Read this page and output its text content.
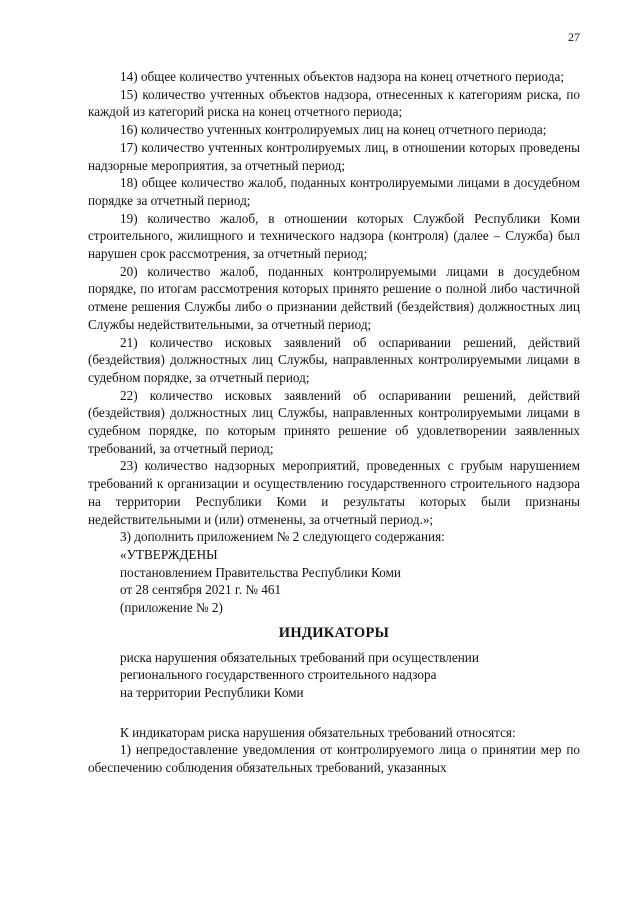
27

14) общее количество учтенных объектов надзора на конец отчетного периода;

15) количество учтенных объектов надзора, отнесенных к категориям риска, по каждой из категорий риска на конец отчетного периода;

16) количество учтенных контролируемых лиц на конец отчетного периода;

17) количество учтенных контролируемых лиц, в отношении которых проведены надзорные мероприятия, за отчетный период;

18) общее количество жалоб, поданных контролируемыми лицами в досудебном порядке за отчетный период;

19) количество жалоб, в отношении которых Службой Республики Коми строительного, жилищного и технического надзора (контроля) (далее – Служба) был нарушен срок рассмотрения, за отчетный период;

20) количество жалоб, поданных контролируемыми лицами в досудебном порядке, по итогам рассмотрения которых принято решение о полной либо частичной отмене решения Службы либо о признании действий (бездействия) должностных лиц Службы недействительными, за отчетный период;

21) количество исковых заявлений об оспаривании решений, действий (бездействия) должностных лиц Службы, направленных контролируемыми лицами в судебном порядке, за отчетный период;

22) количество исковых заявлений об оспаривании решений, действий (бездействия) должностных лиц Службы, направленных контролируемыми лицами в судебном порядке, по которым принято решение об удовлетворении заявленных требований, за отчетный период;

23) количество надзорных мероприятий, проведенных с грубым нарушением требований к организации и осуществлению государственного строительного надзора на территории Республики Коми и результаты которых были признаны недействительными и (или) отменены, за отчетный период.»;

3) дополнить приложением № 2 следующего содержания:

«УТВЕРЖДЕНЫ

постановлением Правительства Республики Коми

от 28 сентября 2021 г. № 461

(приложение № 2)

ИНДИКАТОРЫ

риска нарушения обязательных требований при осуществлении

регионального государственного строительного надзора

на территории Республики Коми

К индикаторам риска нарушения обязательных требований относятся:

1) непредоставление уведомления от контролируемого лица о принятии мер по обеспечению соблюдения обязательных требований, указанных
